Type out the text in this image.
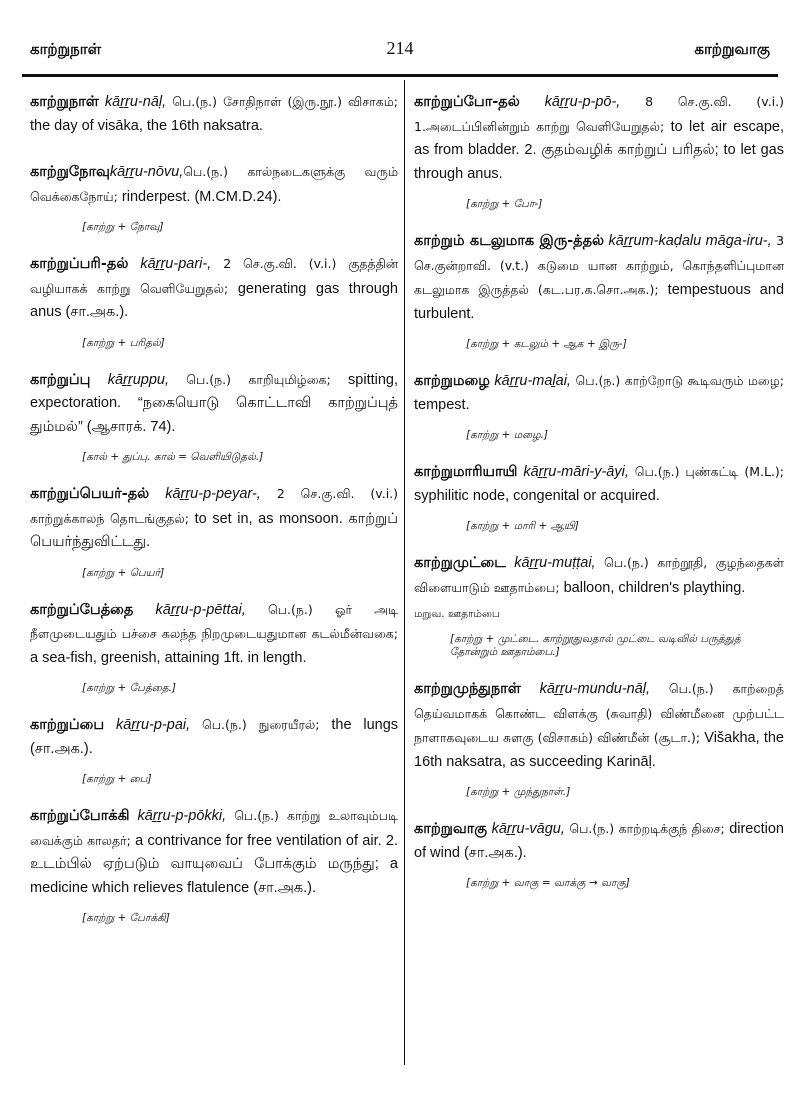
காற்றுநாள்	214	காற்றுவாகு
காற்றுநாள் kāṟṟu-nāḷ, பெ.(ந.) சோதிநாள் (இரு.நூ.) விசாகம்; the day of visāka, the 16th naksatra.
காற்றுநோவுkāṟṟu-nōvu,பெ.(ந.) கால்நடைகளுக்கு வரும் வெக்கைநோய்; rinderpest. (M.CM.D.24).
[காற்று + நோவு]
காற்றுப்பரி-தல் kāṟṟu-pari-, 2 செ.கு.வி. (v.i.) குதத்தின் வழியாகக் காற்று வெளியேறுதல்; generating gas through anus (சா.அக.).
[காற்று + பரிதல்]
காற்றுப்பு kāṟṟuppu, பெ.(ந.) காறியுமிழ்கை; spitting, expectoration. “நகையொடு கொட்டாவி காற்றுப்புத் தும்மல்” (ஆசாரக். 74).
[கால் + துப்பு. கால் = வெளியிடுதல்.]
காற்றுப்பெயர்-தல் kāṟṟu-p-peyar-, 2 செ.கு.வி. (v.i.) காற்றுக்காலந் தொடங்குதல்; to set in, as monsoon. காற்றுப் பெயர்ந்துவிட்டது.
[காற்று + பெயர்]
காற்றுப்பேத்தை kāṟṟu-p-pēttai, பெ.(ந.) ஓர் அடி நீளமுடையதும் பச்சை கலந்த நிறமுடையதுமான கடல்மீன்வகை; a sea-fish, greenish, attaining 1ft. in length.
[காற்று + பேத்தை.]
காற்றுப்பை kāṟṟu-p-pai, பெ.(ந.) நுரையீரல்; the lungs (சா.அக.).
[காற்று + பை]
காற்றுப்போக்கி kāṟṟu-p-pōkki, பெ.(ந.) காற்று உலாவும்படி வைக்கும் காலதர்; a contrivance for free ventilation of air. 2. உடம்பில் ஏற்படும் வாயுவைப் போக்கும் மருந்து; a medicine which relieves flatulence (சா.அக.).
[காற்று + போக்கி]
காற்றுப்போ-தல் kāṟṟu-p-pō-, 8 செ.கு.வி. (v.i.) 1.அடைப்பினின்றும் காற்று வெளியேறுதல்; to let air escape, as from bladder. 2. குதம்வழிக் காற்றுப் பரிதல்; to let gas through anus.
[காற்று + போ-]
காற்றும் கடலுமாக இரு-த்தல் kāṟṟum-kaḍalu māga-iru-, 3 செ.குன்றாவி. (v.t.) கடுமை யான காற்றும், கொந்தளிப்புமான கடலுமாக இருத்தல் (கட.பர.க.சொ.அக.); tempestuous and turbulent.
[காற்று + கடலும் + ஆக + இரு-]
காற்றுமழை kāṟṟu-maḻai, பெ.(ந.) காற்றோடு கூடிவரும் மழை; tempest.
[காற்று + மழை.]
காற்றுமாரியாயி kāṟṟu-māri-y-āyi, பெ.(ந.) புண்கட்டி (M.L.); syphilitic node, congenital or acquired.
[காற்று + மாரி + ஆயி]
காற்றுமுட்டை kāṟṟu-muṭṭai, பெ.(ந.) காற்றூதி, குழந்தைகள் விளையாடும் ஊதாம்பை; balloon, children's plaything.
மறுவ. ஊதாம்பை
[காற்று + முட்டை. காற்றூதுவதால் முட்டை வடிவில் பருத்துத் தோன்றும் ஊதாம்பை.]
காற்றுமுந்துநாள் kāṟṟu-mundu-nāḷ, பெ.(ந.) காற்றைத் தெய்வமாகக் கொண்ட விளக்கு (சுவாதி) விண்மீனை முற்பட்ட நாளாகவுடைய சுளகு (விசாகம்) விண்மீன் (சூடா.); Višakha, the 16th naksatra, as succeeding Karināḷ.
[காற்று + முந்துநாள்.]
காற்றுவாகு kāṟṟu-vāgu, பெ.(ந.) காற்றடிக்குந் திசை; direction of wind (சா.அக.).
[காற்று + வாகு = வாக்கு → வாகு]
